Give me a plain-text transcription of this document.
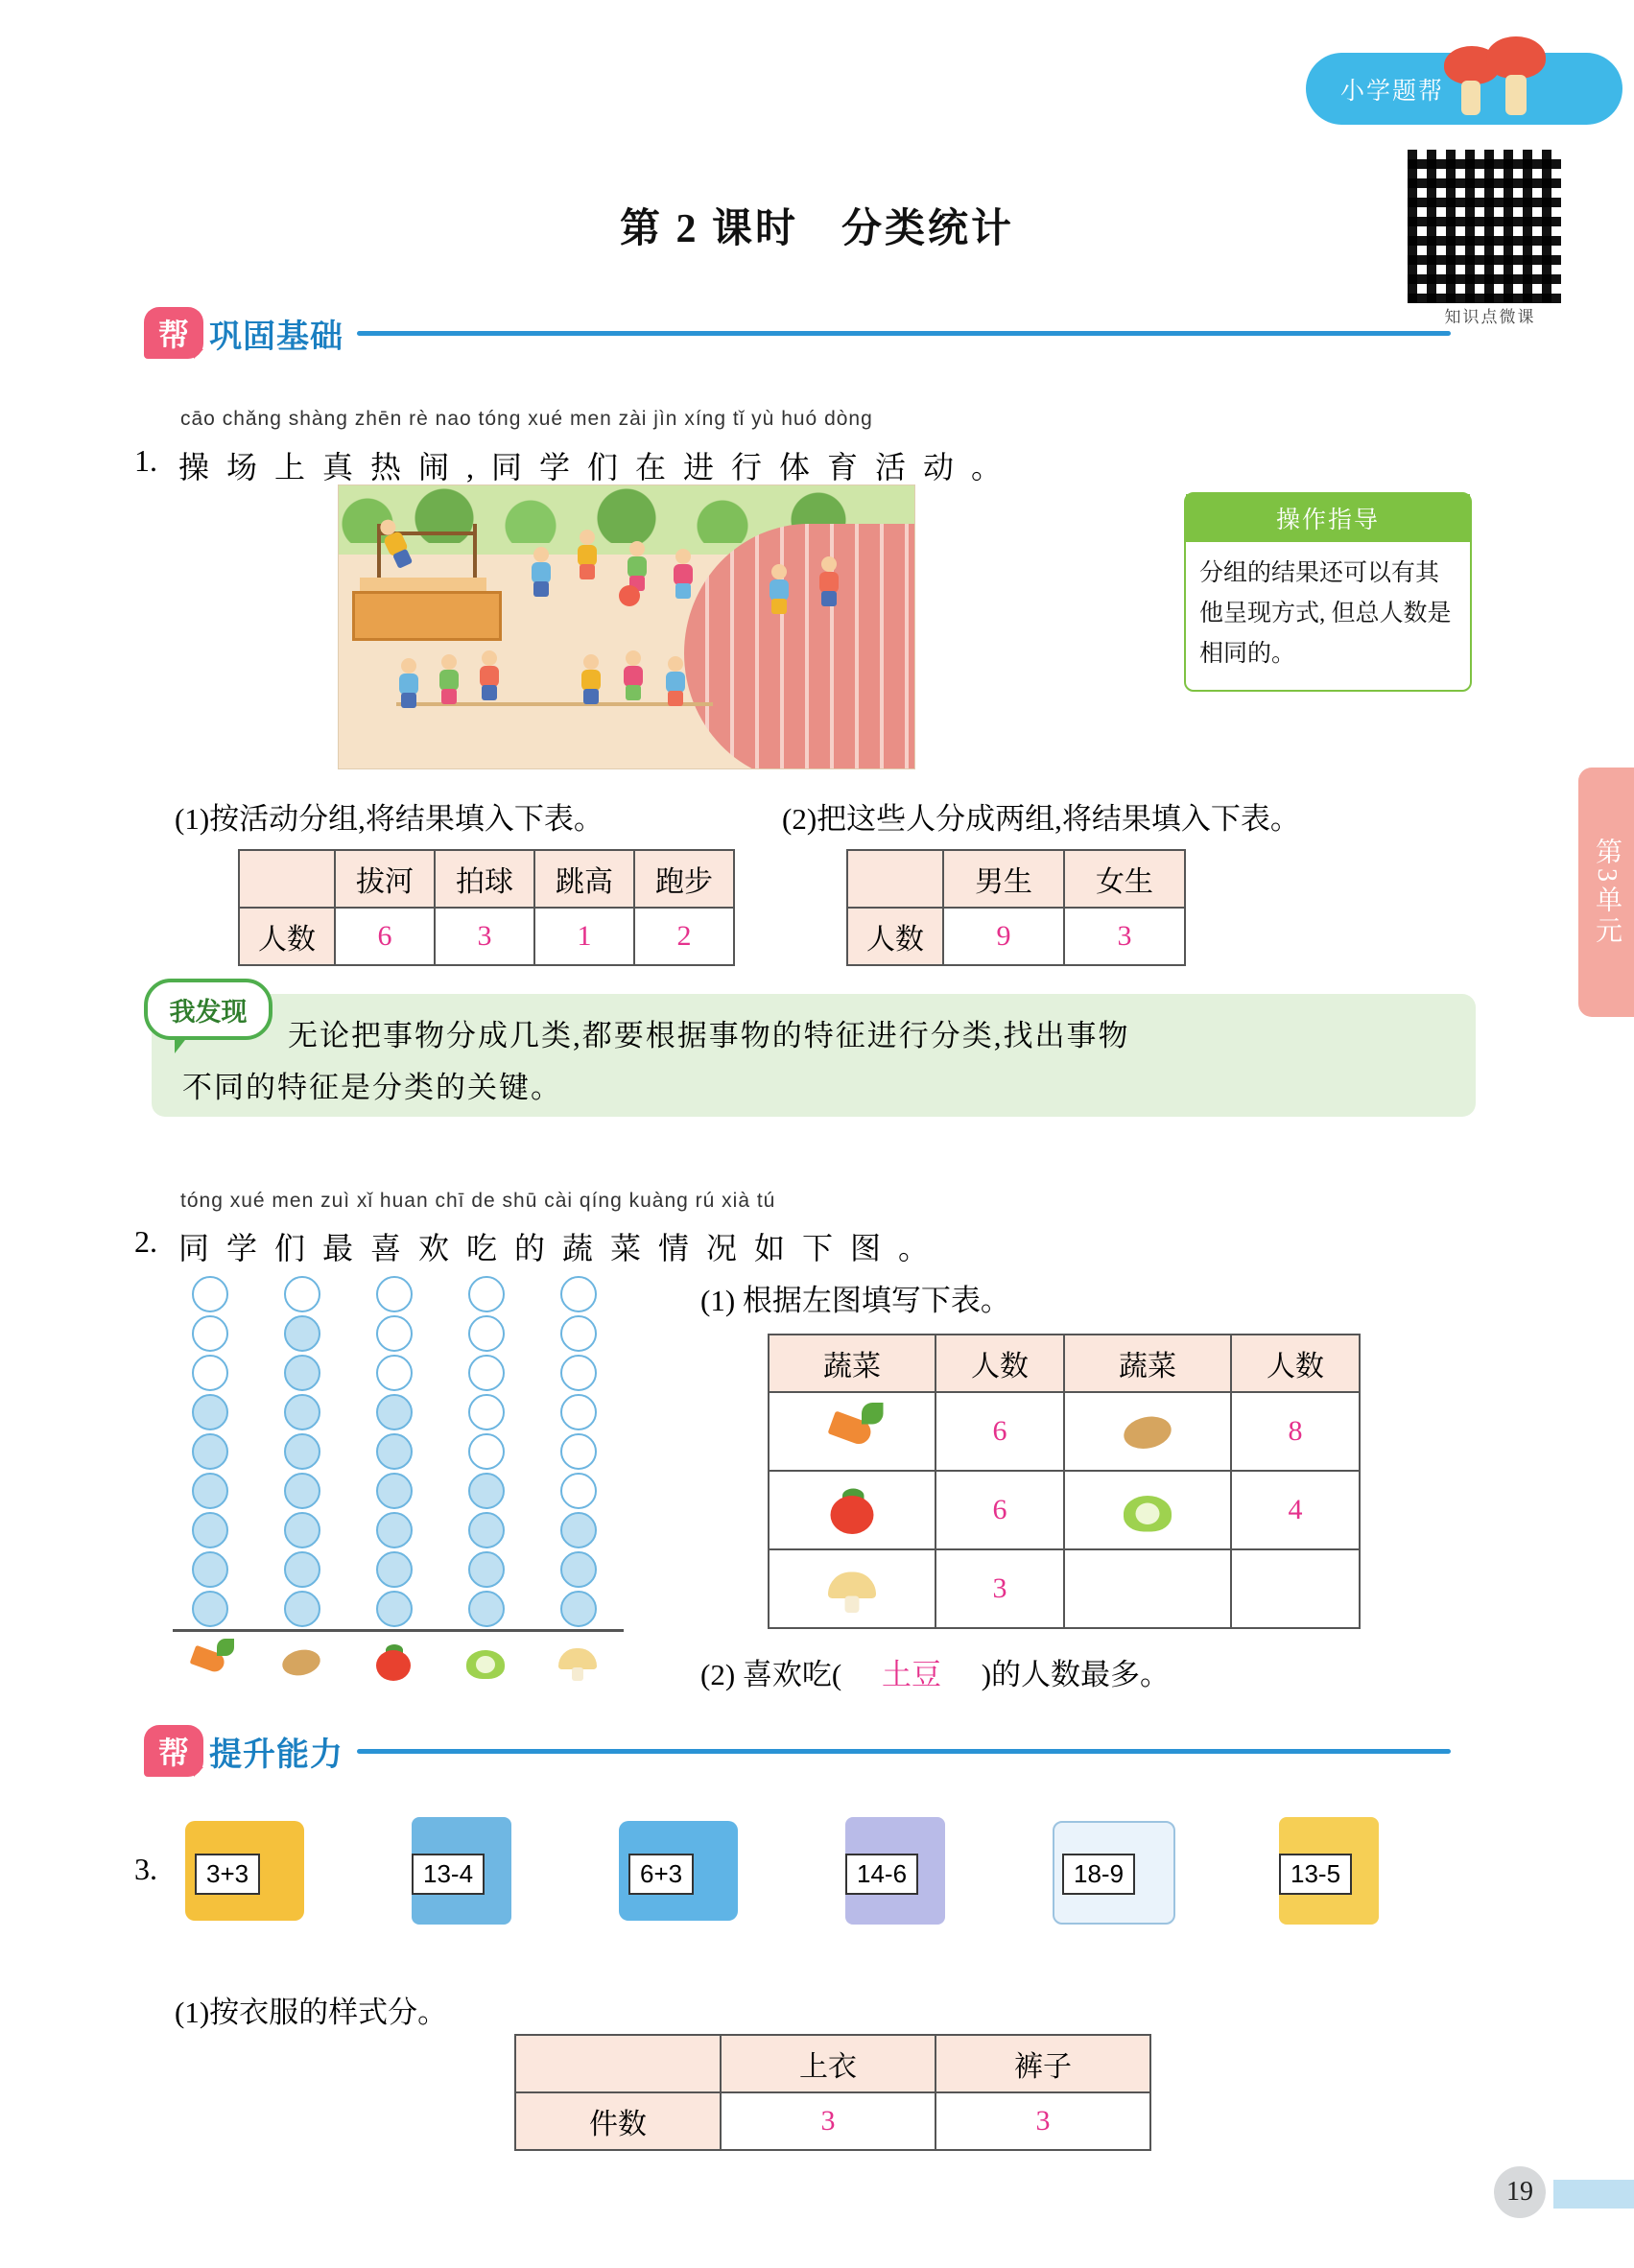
小学题帮
知识点微课
第 2 课时　分类统计
第3单元
帮 巩固基础
cāo chǎng shàng zhēn rè nao tóng xué men zài jìn xíng tǐ yù huó dòng
1. 操 场 上 真 热 闹 , 同 学 们 在 进 行 体 育 活 动 。
操作指导
分组的结果还可以有其他呈现方式, 但总人数是相同的。
(1)按活动分组,将结果填入下表。	(2)把这些人分成两组,将结果填入下表。
	拔河	拍球	跳高	跑步
人数	6	3	1	2
	男生	女生
人数	9	3
我发现
无论把事物分成几类,都要根据事物的特征进行分类,找出事物
不同的特征是分类的关键。
tóng xué men zuì xǐ huan chī de shū cài qíng kuàng rú xià tú
2. 同 学 们 最 喜 欢 吃 的 蔬 菜 情 况 如 下 图 。
(1) 根据左图填写下表。
蔬菜	人数	蔬菜	人数

	6		8

	6		4

	3		
(2) 喜欢吃( 土豆 )的人数最多。
帮 提升能力
3.	3+3	13-4	6+3	14-6	18-9	13-5
(1)按衣服的样式分。
	上衣	裤子
件数	3	3
19
